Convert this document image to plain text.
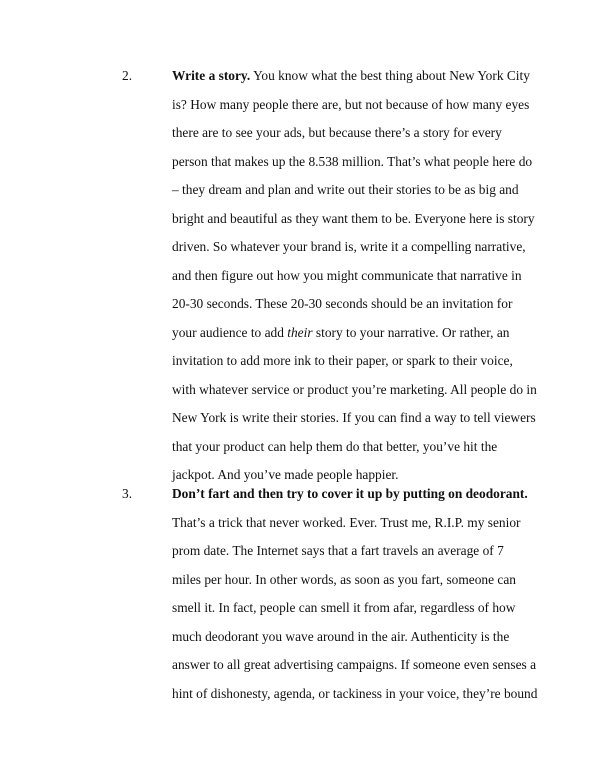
2.	Write a story. You know what the best thing about New York City
is? How many people there are, but not because of how many eyes
there are to see your ads, but because there’s a story for every
person that makes up the 8.538 million. That’s what people here do
– they dream and plan and write out their stories to be as big and
bright and beautiful as they want them to be. Everyone here is story
driven. So whatever your brand is, write it a compelling narrative,
and then figure out how you might communicate that narrative in
20-30 seconds. These 20-30 seconds should be an invitation for
your audience to add their story to your narrative. Or rather, an
invitation to add more ink to their paper, or spark to their voice,
with whatever service or product you’re marketing. All people do in
New York is write their stories. If you can find a way to tell viewers
that your product can help them do that better, you’ve hit the
jackpot. And you’ve made people happier.
3.	Don’t fart and then try to cover it up by putting on deodorant.
That’s a trick that never worked. Ever. Trust me, R.I.P. my senior
prom date. The Internet says that a fart travels an average of 7
miles per hour. In other words, as soon as you fart, someone can
smell it. In fact, people can smell it from afar, regardless of how
much deodorant you wave around in the air. Authenticity is the
answer to all great advertising campaigns. If someone even senses a
hint of dishonesty, agenda, or tackiness in your voice, they’re bound
